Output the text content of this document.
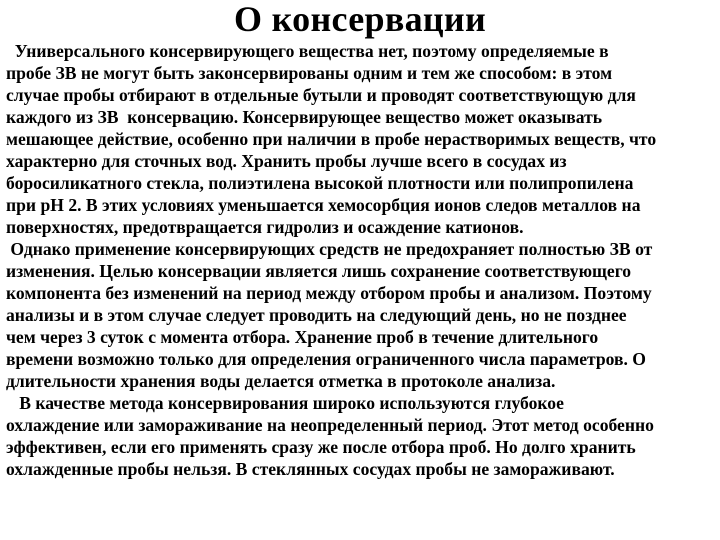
О консервации
Универсального консервирующего вещества нет, поэтому определяемые в
пробе ЗВ не могут быть законсервированы одним и тем же способом: в этом
случае пробы отбирают в отдельные бутыли и проводят соответствующую для
каждого из ЗВ  консервацию. Консервирующее вещество может оказывать
мешающее действие, особенно при наличии в пробе нерастворимых веществ, что
характерно для сточных вод. Хранить пробы лучше всего в сосудах из
боросиликатного стекла, полиэтилена высокой плотности или полипропилена
при pH 2. В этих условиях уменьшается хемосорбция ионов следов металлов на
поверхностях, предотвращается гидролиз и осаждение катионов.
Однако применение консервирующих средств не предохраняет полностью ЗВ от
изменения. Целью консервации является лишь сохранение соответствующего
компонента без изменений на период между отбором пробы и анализом. Поэтому
анализы и в этом случае следует проводить на следующий день, но не позднее
чем через 3 суток с момента отбора. Хранение проб в течение длительного
времени возможно только для определения ограниченного числа параметров. О
длительности хранения воды делается отметка в протоколе анализа.
В качестве метода консервирования широко используются глубокое
охлаждение или замораживание на неопределенный период. Этот метод особенно
эффективен, если его применять сразу же после отбора проб. Но долго хранить
охлажденные пробы нельзя. В стеклянных сосудах пробы не замораживают.
